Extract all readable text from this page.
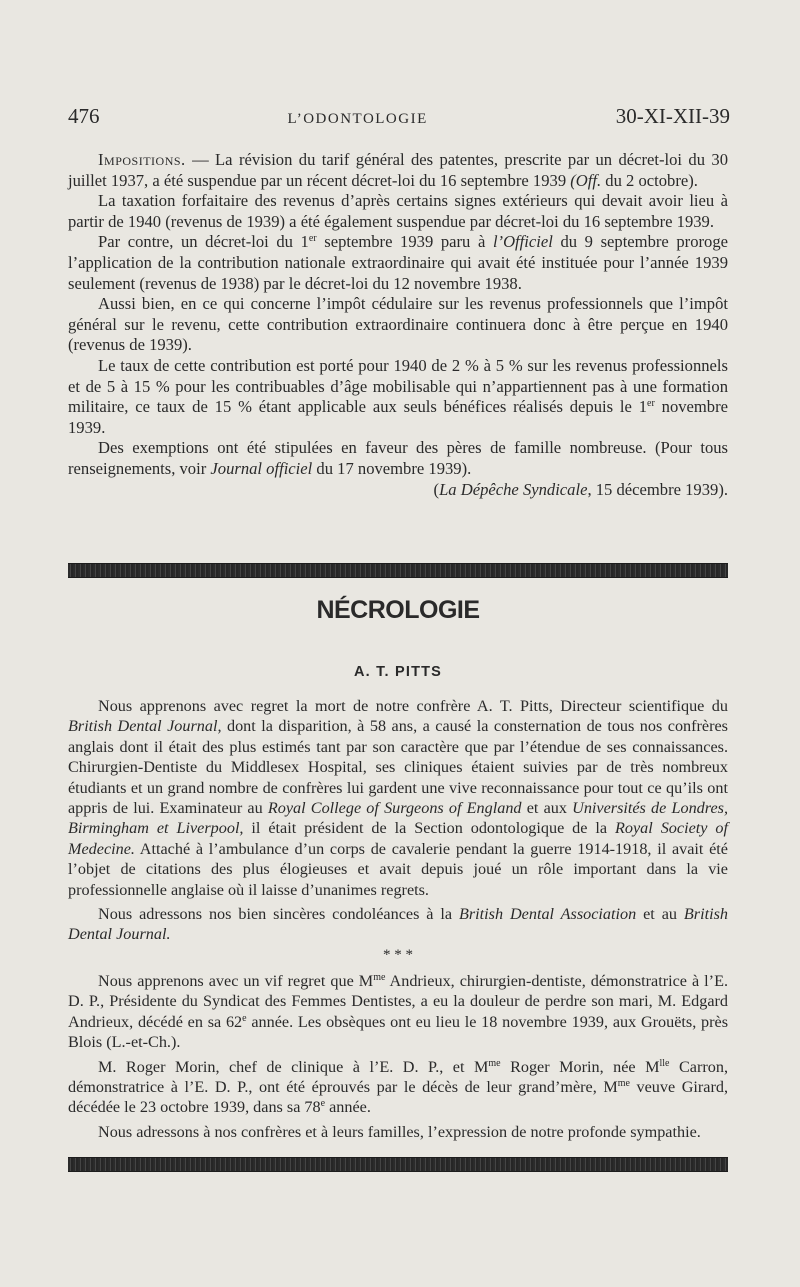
476	L’ODONTOLOGIE	30-XI-XII-39

Impositions. — La révision du tarif général des patentes, prescrite par un décret-loi du 30 juillet 1937, a été suspendue par un récent décret-loi du 16 septembre 1939 (Off. du 2 octobre).

La taxation forfaitaire des revenus d’après certains signes extérieurs qui devait avoir lieu à partir de 1940 (revenus de 1939) a été également suspendue par décret-loi du 16 septembre 1939.

Par contre, un décret-loi du 1er septembre 1939 paru à l’Officiel du 9 septembre proroge l’application de la contribution nationale extraordinaire qui avait été instituée pour l’année 1939 seulement (revenus de 1938) par le décret-loi du 12 novembre 1938.

Aussi bien, en ce qui concerne l’impôt cédulaire sur les revenus professionnels que l’impôt général sur le revenu, cette contribution extraordinaire continuera donc à être perçue en 1940 (revenus de 1939).

Le taux de cette contribution est porté pour 1940 de 2 % à 5 % sur les revenus professionnels et de 5 à 15 % pour les contribuables d’âge mobilisable qui n’appartiennent pas à une formation militaire, ce taux de 15 % étant applicable aux seuls bénéfices réalisés depuis le 1er novembre 1939.

Des exemptions ont été stipulées en faveur des pères de famille nombreuse. (Pour tous renseignements, voir Journal officiel du 17 novembre 1939).

(La Dépêche Syndicale, 15 décembre 1939).

NÉCROLOGIE
A. T. PITTS

Nous apprenons avec regret la mort de notre confrère A. T. Pitts, Directeur scientifique du British Dental Journal, dont la disparition, à 58 ans, a causé la consternation de tous nos confrères anglais dont il était des plus estimés tant par son caractère que par l’étendue de ses connaissances. Chirurgien-Dentiste du Middlesex Hospital, ses cliniques étaient suivies par de très nombreux étudiants et un grand nombre de confrères lui gardent une vive reconnaissance pour tout ce qu’ils ont appris de lui. Examinateur au Royal College of Surgeons of England et aux Universités de Londres, Birmingham et Liverpool, il était président de la Section odontologique de la Royal Society of Medecine. Attaché à l’ambulance d’un corps de cavalerie pendant la guerre 1914-1918, il avait été l’objet de citations des plus élogieuses et avait depuis joué un rôle important dans la vie professionnelle anglaise où il laisse d’unanimes regrets.

Nous adressons nos bien sincères condoléances à la British Dental Association et au British Dental Journal.

* * *

Nous apprenons avec un vif regret que $M^{me}$ Andrieux, chirurgien-dentiste, démonstratrice à l’E. D. P., Présidente du Syndicat des Femmes Dentistes, a eu la douleur de perdre son mari, M. Edgard Andrieux, décédé en sa 62e année. Les obsèques ont eu lieu le 18 novembre 1939, aux Grouëts, près Blois (L.-et-Ch.).

M. Roger Morin, chef de clinique à l’E. D. P., et $M^{me}$ Roger Morin, née $M^{lle}$ Carron, démonstratrice à l’E. D. P., ont été éprouvés par le décès de leur grand’mère, $M^{me}$ veuve Girard, décédée le 23 octobre 1939, dans sa 78e année.

Nous adressons à nos confrères et à leurs familles, l’expression de notre profonde sympathie.
